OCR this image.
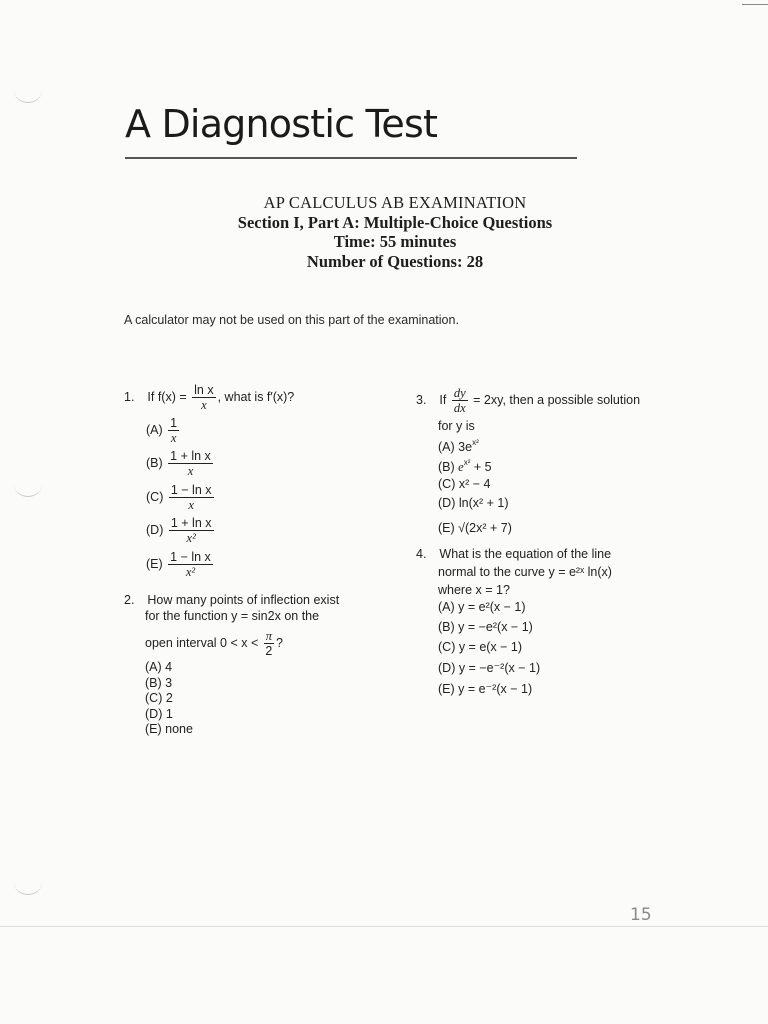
A Diagnostic Test
AP CALCULUS AB EXAMINATION
Section I, Part A: Multiple-Choice Questions
Time: 55 minutes
Number of Questions: 28
A calculator may not be used on this part of the examination.
1. If $f(x) = \frac{\text{ln x}}{x}$ , what is f′(x)?
$(A) \frac{1}{x}$
$(B) \frac{\text{1 + ln x}}{x}$
$(C) \frac{\text{1 − ln x}}{x}$
$(D) \frac{\text{1 + ln x}}{\text{x²}}$
$(E) \frac{\text{1 − ln x}}{\text{x²}}$
2. How many points of inflection exist
for the function y = sin2x on the
open interval $0 < x < \frac{\pi}{2}$ ?
(A) 4
(B) 3
(C) 2
(D) 1
(E) none
3. If $\frac{dy}{dx} = 2xy$, then a possible solution
for y is
(A) $3e^{x^2}$
(B) $e^{x^2} + 5$
(C) x² − 4
(D) ln(x² + 1)
(E) √(2x² + 7)
4. What is the equation of the line
normal to the curve y = e²ˣ ln(x)
where x = 1?
(A) y = e²(x − 1)
(B) y = −e²(x − 1)
(C) y = e(x − 1)
(D) y = −e⁻²(x − 1)
(E) y = e⁻²(x − 1)
15
